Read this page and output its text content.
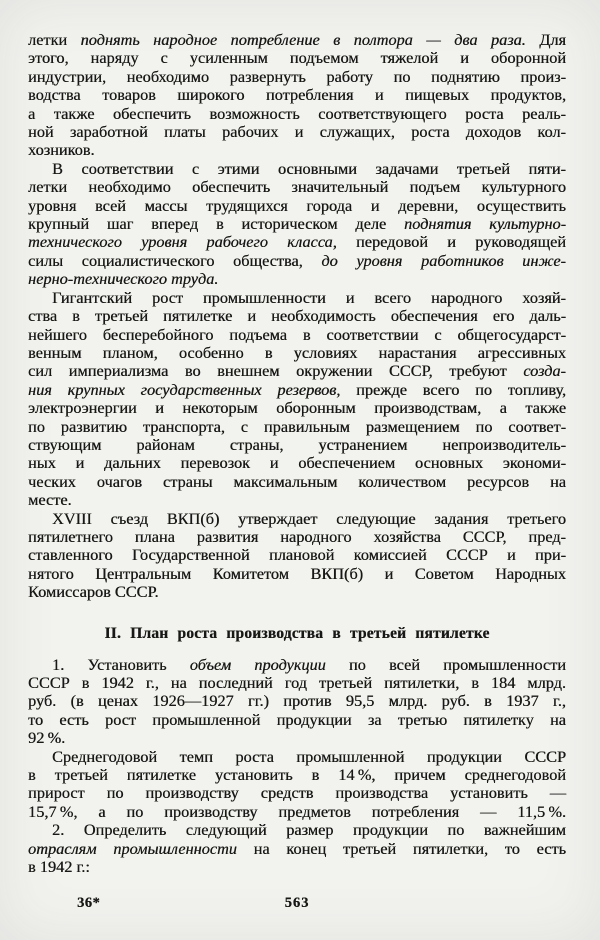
летки поднять народное потребление в полтора — два раза. Для
этого, наряду с усиленным подъемом тяжелой и оборонной
индустрии, необходимо развернуть работу по поднятию произ-
водства товаров широкого потребления и пищевых продуктов,
а также обеспечить возможность соответствующего роста реаль-
ной заработной платы рабочих и служащих, роста доходов кол-
хозников.

В соответствии с этими основными задачами третьей пяти-
летки необходимо обеспечить значительный подъем культурного
уровня всей массы трудящихся города и деревни, осуществить
крупный шаг вперед в историческом деле поднятия культурно-
технического уровня рабочего класса, передовой и руководящей
силы социалистического общества, до уровня работников инже-
нерно-технического труда.

Гигантский рост промышленности и всего народного хозяй-
ства в третьей пятилетке и необходимость обеспечения его даль-
нейшего бесперебойного подъема в соответствии с общегосударст-
венным планом, особенно в условиях нарастания агрессивных
сил империализма во внешнем окружении СССР, требуют созда-
ния крупных государственных резервов, прежде всего по топливу,
электроэнергии и некоторым оборонным производствам, а также
по развитию транспорта, с правильным размещением по соответ-
ствующим районам страны, устранением непроизводитель-
ных и дальних перевозок и обеспечением основных экономи-
ческих очагов страны максимальным количеством ресурсов на
месте.

XVIII съезд ВКП(б) утверждает следующие задания третьего
пятилетнего плана развития народного хозяйства СССР, пред-
ставленного Государственной плановой комиссией СССР и при-
нятого Центральным Комитетом ВКП(б) и Советом Народных
Комиссаров СССР.

II. План роста производства в третьей пятилетке

1. Установить объем продукции по всей промышленности
СССР в 1942 г., на последний год третьей пятилетки, в 184 млрд.
руб. (в ценах 1926—1927 гг.) против 95,5 млрд. руб. в 1937 г.,
то есть рост промышленной продукции за третью пятилетку на
92 %.

Среднегодовой темп роста промышленной продукции СССР
в третьей пятилетке установить в 14 %, причем среднегодовой
прирост по производству средств производства установить —
15,7 %, а по производству предметов потребления — 11,5 %.

2. Определить следующий размер продукции по важнейшим
отраслям промышленности на конец третьей пятилетки, то есть
в 1942 г.:

36*	563
